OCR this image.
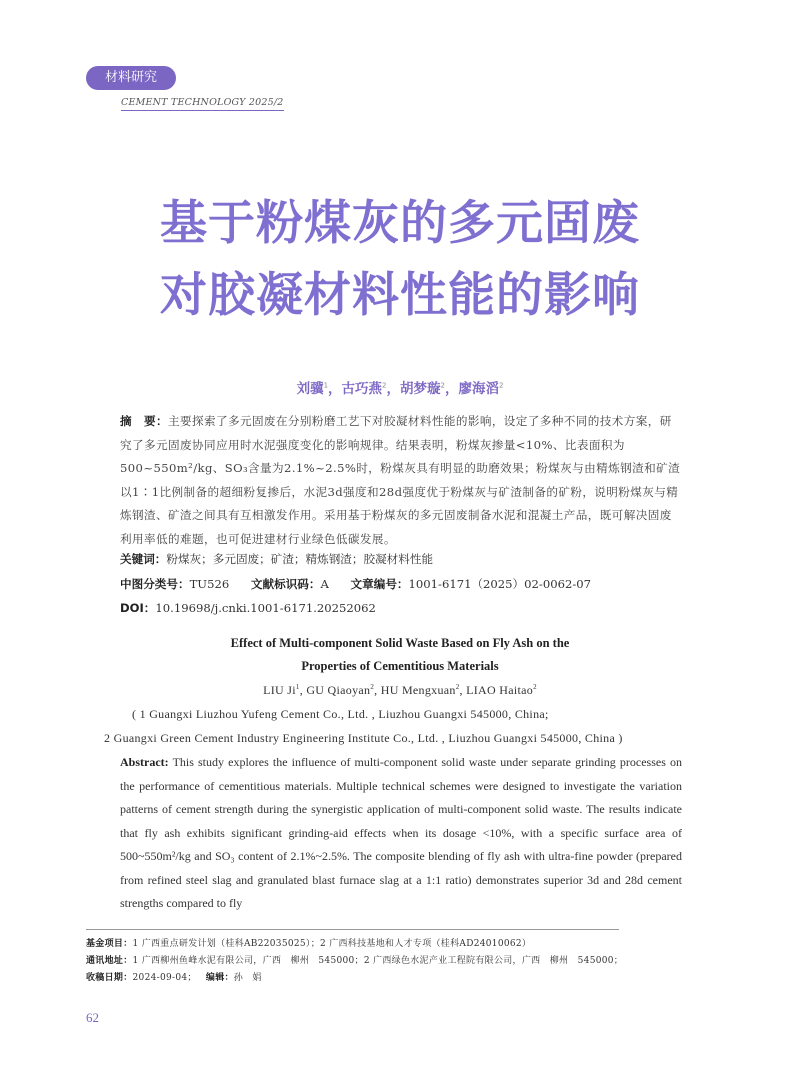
材料研究
CEMENT TECHNOLOGY 2025/2
基于粉煤灰的多元固废
对胶凝材料性能的影响
刘骥$^1$，古巧燕$^2$，胡梦璇$^2$，廖海滔$^2$
摘　要：主要探索了多元固废在分别粉磨工艺下对胶凝材料性能的影响，设定了多种不同的技术方案，研究了多元固废协同应用时水泥强度变化的影响规律。结果表明，粉煤灰掺量<10%、比表面积为500~550m²/kg、SO₃含量为2.1%~2.5%时，粉煤灰具有明显的助磨效果；粉煤灰与由精炼钢渣和矿渣以1∶1比例制备的超细粉复掺后，水泥3d强度和28d强度优于粉煤灰与矿渣制备的矿粉，说明粉煤灰与精炼钢渣、矿渣之间具有互相激发作用。采用基于粉煤灰的多元固废制备水泥和混凝土产品，既可解决固废利用率低的难题，也可促进建材行业绿色低碳发展。
关键词：粉煤灰；多元固废；矿渣；精炼钢渣；胶凝材料性能
中图分类号：TU526 文献标识码：A 文章编号：1001-6171（2025）02-0062-07
DOI：10.19698/j.cnki.1001-6171.20252062
Effect of Multi-component Solid Waste Based on Fly Ash on the
Properties of Cementitious Materials
LIU Ji$^1$, GU Qiaoyan$^2$, HU Mengxuan$^2$, LIAO Haitao$^2$
( 1 Guangxi Liuzhou Yufeng Cement Co., Ltd. , Liuzhou Guangxi 545000, China;
2 Guangxi Green Cement Industry Engineering Institute Co., Ltd. , Liuzhou Guangxi 545000, China )
Abstract: This study explores the influence of multi-component solid waste under separate grinding processes on the performance of cementitious materials. Multiple technical schemes were designed to investigate the variation patterns of cement strength during the synergistic application of multi-component solid waste. The results indicate that fly ash exhibits significant grinding-aid effects when its dosage <10%, with a specific surface area of 500~550m²/kg and SO₃ content of 2.1%~2.5%. The composite blending of fly ash with ultra-fine powder (prepared from refined steel slag and granulated blast furnace slag at a 1:1 ratio) demonstrates superior 3d and 28d cement strengths compared to fly
基金项目：1 广西重点研发计划（桂科AB22035025）；2 广西科技基地和人才专项（桂科AD24010062）
通讯地址：1 广西柳州鱼峰水泥有限公司，广西　柳州　545000；2 广西绿色水泥产业工程院有限公司，广西　柳州　545000；
收稿日期：2024-09-04； 编辑：孙　娟
62
